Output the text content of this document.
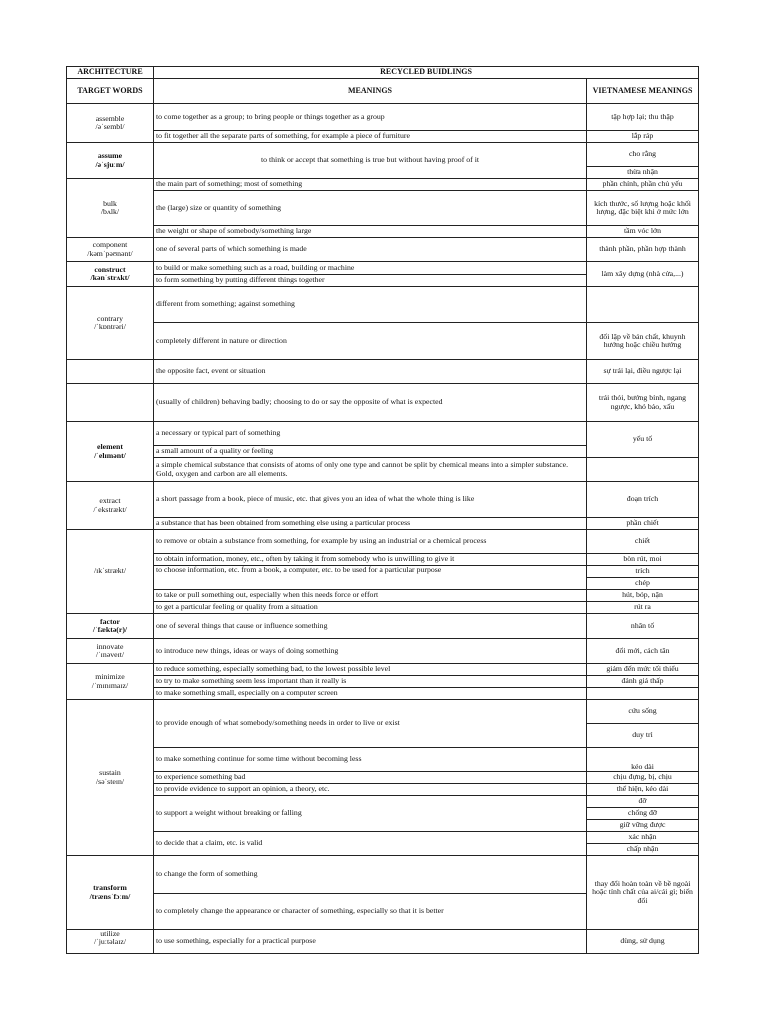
ARCHITECTURE	RECYCLED BUIDLINGS	
TARGET WORDS	MEANINGS	VIETNAMESE MEANINGS

assemble
/əˈsembl/	to come together as a group; to bring people or things together as a group	tập hợp lại; thu thập
	to fit together all the separate parts of something, for example a piece of furniture	lắp ráp

assume
/əˈsjuːm/	to think or accept that something is true but without having proof of it	cho rằng
		thừa nhận

bulk
/bʌlk/	the main part of something; most of something	phần chính, phần chủ yếu
	the (large) size or quantity of something	kích thước, số lượng hoặc khối lượng, đặc biệt khi ở mức lớn
	the weight or shape of somebody/something large	tầm vóc lớn

component
/kəmˈpəʊnənt/	one of several parts of which something is made	thành phần, phần hợp thành

construct
/kənˈstrʌkt/	to build or make something such as a road, building or machine	làm xây dựng (nhà cửa,...)
	to form something by putting different things together	

contrary
/ˈkɒntrəri/	different from something; against something	
	completely different in nature or direction	đối lập về bản chất, khuynh hướng hoặc chiều hướng
	the opposite fact, event or situation	sự trái lại, điều ngược lại
	(usually of children) behaving badly; choosing to do or say the opposite of what is expected	trái thói, bướng bỉnh, ngang ngược, khó bảo, xấu

element
/ˈelɪmənt/	a necessary or typical part of something	yếu tố
	a small amount of a quality or feeling	
	a simple chemical substance that consists of atoms of only one type and cannot be split by chemical means into a simpler substance. Gold, oxygen and carbon are all elements.	

extract
/ˈekstrækt/	a short passage from a book, piece of music, etc. that gives you an idea of what the whole thing is like	đoạn trích
	a substance that has been obtained from something else using a particular process	phần chiết
/ɪkˈstrækt/	to remove or obtain a substance from something, for example by using an industrial or a chemical process	chiết
	to obtain information, money, etc., often by taking it from somebody who is unwilling to give it	bòn rút, moi
	to choose information, etc. from a book, a computer, etc. to be used for a particular purpose	trích
		chép
	to take or pull something out, especially when this needs force or effort	hút, bóp, nặn
	to get a particular feeling or quality from a situation	rút ra

factor
/ˈfæktə(r)/	one of several things that cause or influence something	nhân tố

innovate
/ˈɪnəveɪt/	to introduce new things, ideas or ways of doing something	đổi mới, cách tân

minimize
/ˈmɪnɪmaɪz/	to reduce something, especially something bad, to the lowest possible level	giảm đến mức tối thiểu
	to try to make something seem less important than it really is	đánh giá thấp
	to make something small, especially on a computer screen	

sustain
/səˈsteɪn/	to provide enough of what somebody/something needs in order to live or exist	cứu sống
		duy trì
	to make something continue for some time without becoming less	kéo dài
	to experience something bad	chịu đựng, bị, chịu
	to provide evidence to support an opinion, a theory, etc.	thể hiện, kéo dài
	to support a weight without breaking or falling	đỡ
		chống đỡ
		giữ vững được
	to decide that a claim, etc. is valid	xác nhận
		chấp nhận

transform
/trænsˈfɔːm/	to change the form of something	thay đổi hoàn toàn về bề ngoài hoặc tính chất của ai/cái gì; biến đổi
	to completely change the appearance or character of something, especially so that it is better	

utilize
/ˈjuːtəlaɪz/	to use something, especially for a practical purpose	dùng, sử dụng
